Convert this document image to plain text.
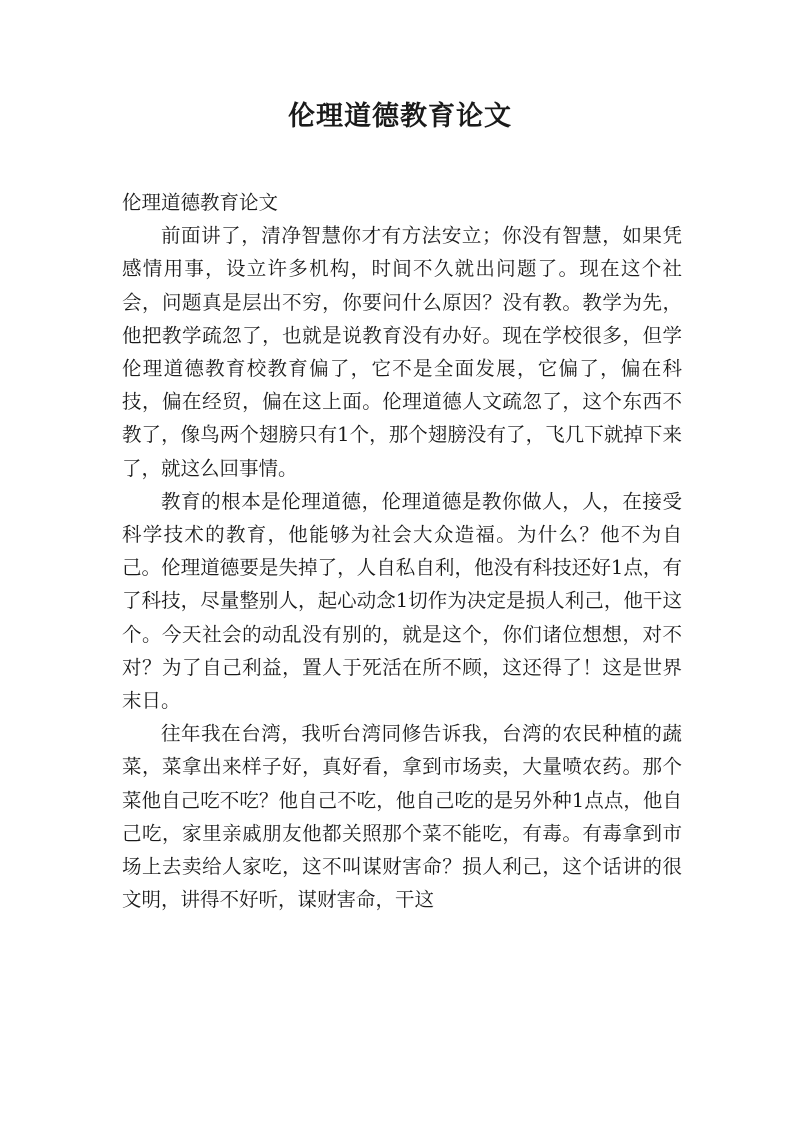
伦理道德教育论文

伦理道德教育论文

前面讲了，清净智慧你才有方法安立；你没有智慧，如果凭感情用事，设立许多机构，时间不久就出问题了。现在这个社会，问题真是层出不穷，你要问什么原因？没有教。教学为先，他把教学疏忽了，也就是说教育没有办好。现在学校很多，但学伦理道德教育校教育偏了，它不是全面发展，它偏了，偏在科技，偏在经贸，偏在这上面。伦理道德人文疏忽了，这个东西不教了，像鸟两个翅膀只有1个，那个翅膀没有了，飞几下就掉下来了，就这么回事情。

教育的根本是伦理道德，伦理道德是教你做人，人，在接受科学技术的教育，他能够为社会大众造福。为什么？他不为自己。伦理道德要是失掉了，人自私自利，他没有科技还好1点，有了科技，尽量整别人，起心动念1切作为决定是损人利己，他干这个。今天社会的动乱没有别的，就是这个，你们诸位想想，对不对？为了自己利益，置人于死活在所不顾，这还得了！这是世界末日。

往年我在台湾，我听台湾同修告诉我，台湾的农民种植的蔬菜，菜拿出来样子好，真好看，拿到市场卖，大量喷农药。那个菜他自己吃不吃？他自己不吃，他自己吃的是另外种1点点，他自己吃，家里亲戚朋友他都关照那个菜不能吃，有毒。有毒拿到市场上去卖给人家吃，这不叫谋财害命？损人利己，这个话讲的很文明，讲得不好听，谋财害命，干这
